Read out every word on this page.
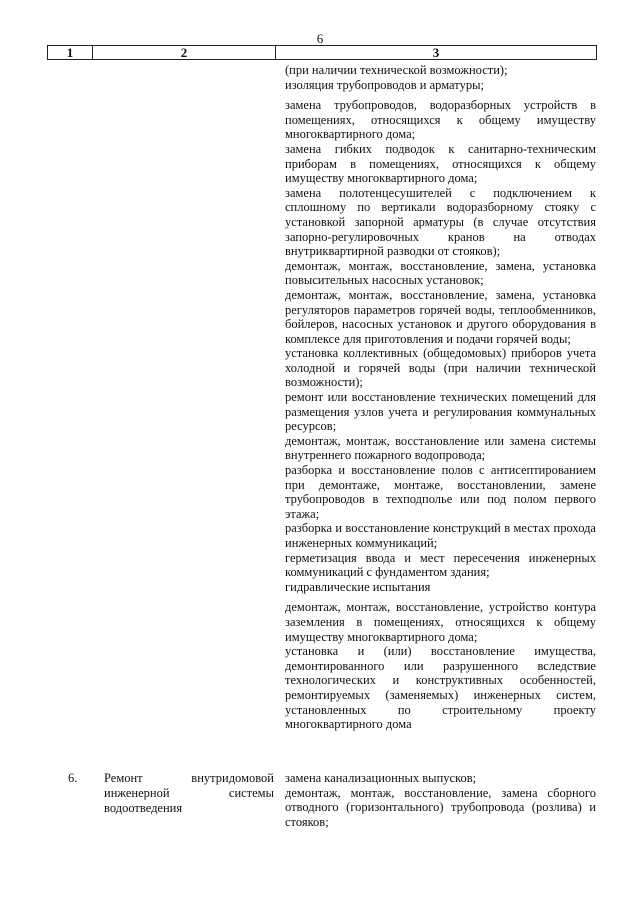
6
1	2	3

(при наличии технической возможности);

изоляция трубопроводов и арматуры;

замена трубопроводов, водоразборных устройств в помещениях, относящихся к общему имуществу многоквартирного дома;

замена гибких подводок к санитарно-техническим приборам в помещениях, относящихся к общему имуществу многоквартирного дома;

замена полотенцесушителей с подключением к сплошному по вертикали водоразборному стояку с установкой запорной арматуры (в случае отсутствия запорно-регулировочных кранов на отводах внутриквартирной разводки от стояков);

демонтаж, монтаж, восстановление, замена, установка повысительных насосных установок;

демонтаж, монтаж, восстановление, замена, установка регуляторов параметров горячей воды, теплообменников, бойлеров, насосных установок и другого оборудования в комплексе для приготовления и подачи горячей воды;

установка коллективных (общедомовых) приборов учета холодной и горячей воды (при наличии технической возможности);

ремонт или восстановление технических помещений для размещения узлов учета и регулирования коммунальных ресурсов;

демонтаж, монтаж, восстановление или замена системы внутреннего пожарного водопровода;

разборка и восстановление полов с антисептированием при демонтаже, монтаже, восстановлении, замене трубопроводов в техподполье или под полом первого этажа;

разборка и восстановление конструкций в местах прохода инженерных коммуникаций;

герметизация ввода и мест пересечения инженерных коммуникаций с фундаментом здания;

гидравлические испытания

демонтаж, монтаж, восстановление, устройство контура заземления в помещениях, относящихся к общему имуществу многоквартирного дома;

установка и (или) восстановление имущества, демонтированного или разрушенного вследствие технологических и конструктивных особенностей, ремонтируемых (заменяемых) инженерных систем, установленных по строительному проекту многоквартирного дома

6. Ремонт внутридомовой инженерной системы водоотведения

замена канализационных выпусков;

демонтаж, монтаж, восстановление, замена сборного отводного (горизонтального) трубопровода (розлива) и стояков;
